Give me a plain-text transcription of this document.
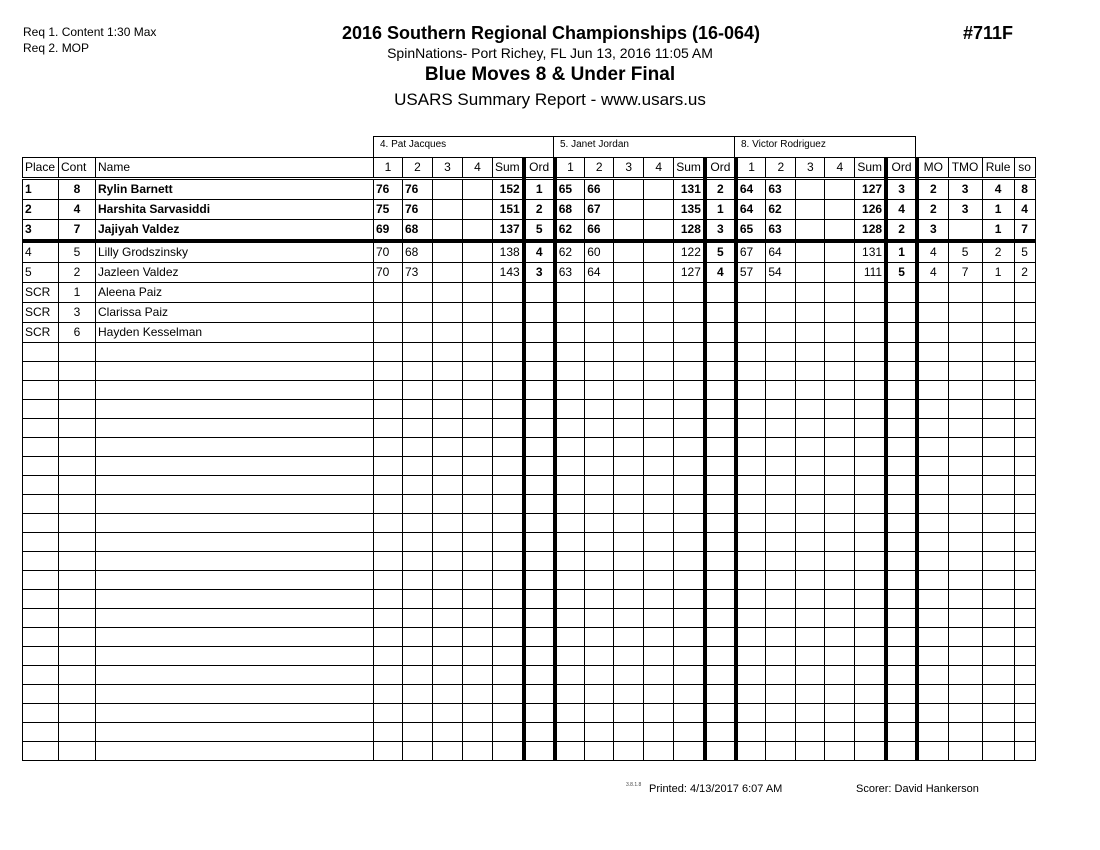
Req 1. Content 1:30 Max
Req 2. MOP
2016 Southern Regional Championships (16-064)
SpinNations- Port Richey, FL Jun 13, 2016 11:05 AM
Blue Moves 8 & Under Final
USARS Summary Report - www.usars.us
#711F
4. Pat Jacques	5. Janet Jordan	8. Victor Rodriguez
Place	Cont	Name	1	2	3	4	Sum	Ord	1	2	3	4	Sum	Ord	1	2	3	4	Sum	Ord	MO	TMO	Rule	so
1	8	Rylin Barnett	76	76			152	1	65	66			131	2	64	63			127	3	2	3	4	8
2	4	Harshita Sarvasiddi	75	76			151	2	68	67			135	1	64	62			126	4	2	3	1	4
3	7	Jajiyah Valdez	69	68			137	5	62	66			128	3	65	63			128	2	3		1	7
4	5	Lilly Grodszinsky	70	68			138	4	62	60			122	5	67	64			131	1	4	5	2	5
5	2	Jazleen Valdez	70	73			143	3	63	64			127	4	57	54			111	5	4	7	1	2
SCR	1	Aleena Paiz																						
SCR	3	Clarissa Paiz																						
SCR	6	Hayden Kesselman																						

3.8.1.8 Printed: 4/13/2017 6:07 AM	Scorer: David Hankerson
